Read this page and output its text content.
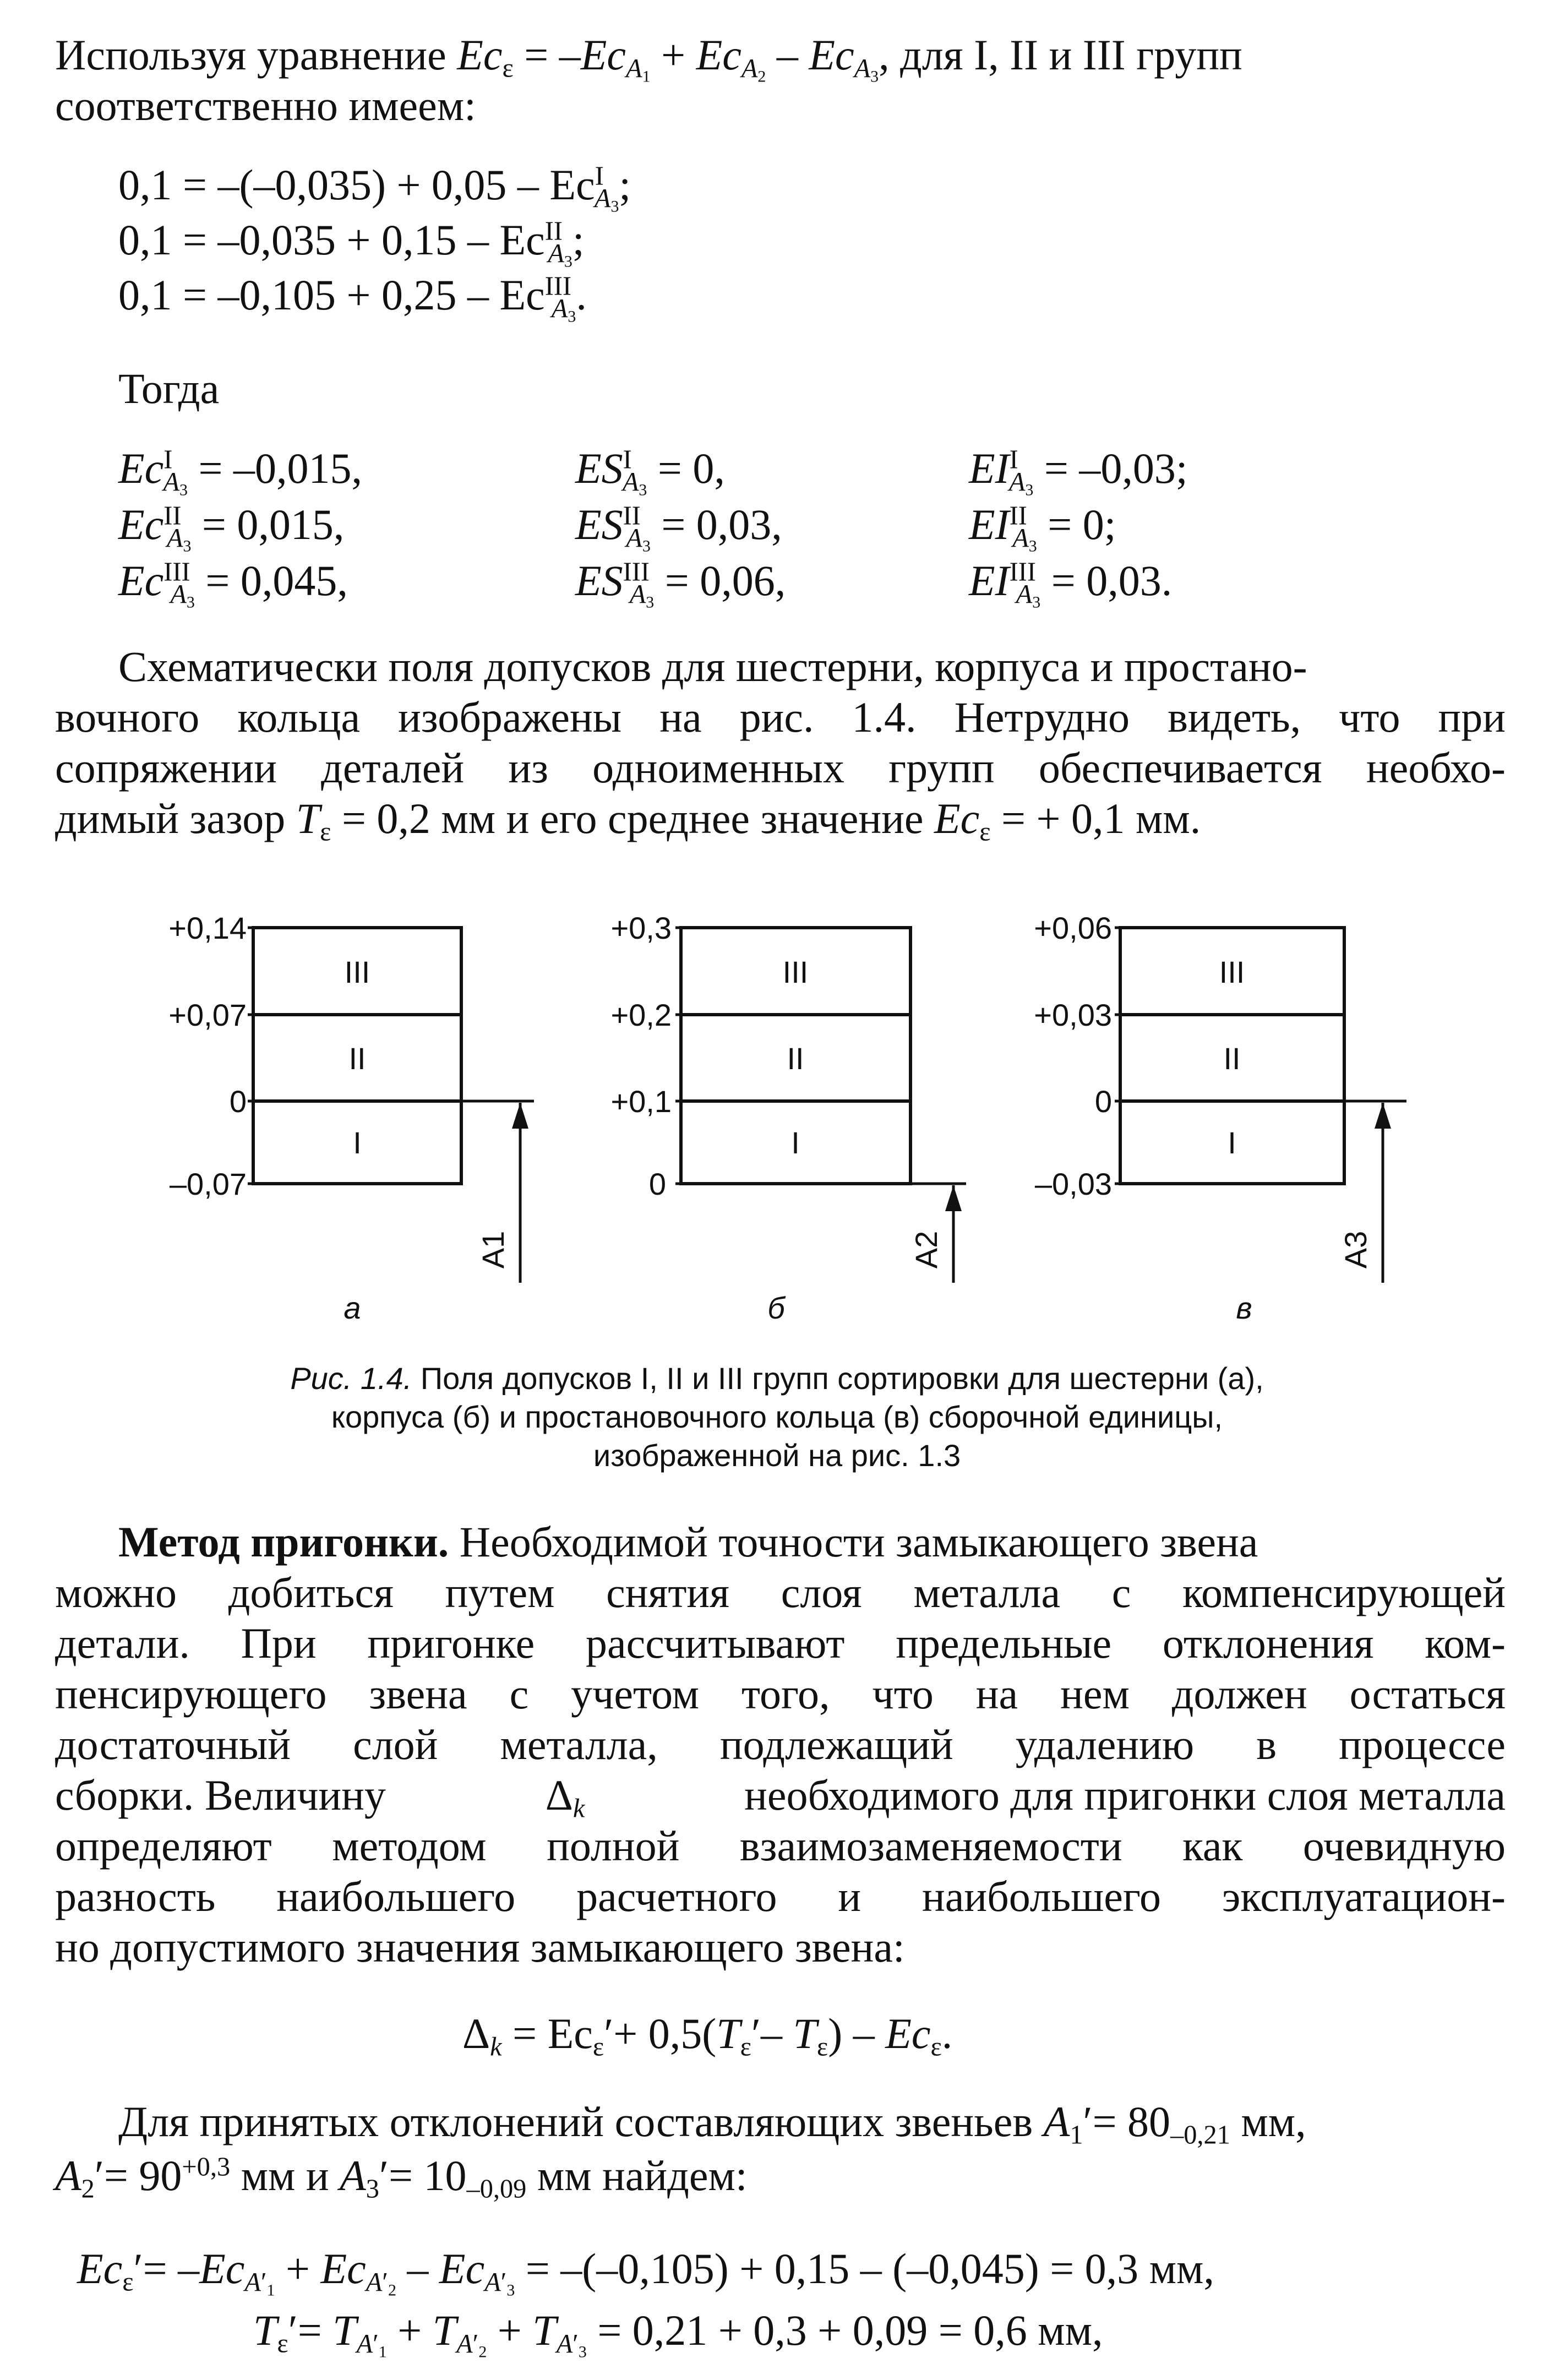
Используя уравнение $Ec_\varepsilon = -Ec_{A_1} + Ec_{A_2} - Ec_{A_3}$, для I, II и III групп
соответственно имеем:
$0,1 = -(-0,035) + 0,05 - Ec^I_{A_3}$;
$0,1 = -0,035 + 0,15 - Ec^{II}_{A_3}$;
$0,1 = -0,105 + 0,25 - Ec^{III}_{A_3}$.
Тогда
$Ec^I_{A_3} = -0,015$,
$Ec^{II}_{A_3} = 0,015$,
$Ec^{III}_{A_3} = 0,045$,
$ES^I_{A_3} = 0$,
$ES^{II}_{A_3} = 0,03$,
$ES^{III}_{A_3} = 0,06$,
$EI^I_{A_3} = -0,03$;
$EI^{II}_{A_3} = 0$;
$EI^{III}_{A_3} = 0,03$.
Схематически поля допусков для шестерни, корпуса и простано-
вочного кольца изображены на рис. 1.4. Нетрудно видеть, что при
сопряжении деталей из одноименных групп обеспечивается необхо-
димый зазор $T_\varepsilon = 0,2$ мм и его среднее значение $Ec_\varepsilon$ = + 0,1 мм.
+0,14
+0,07
0
–0,07
III
II
I
A1
а
+0,3
+0,2
+0,1
0
III
II
I
A2
б
+0,06
+0,03
0
–0,03
III
II
I
A3
в
Рис. 1.4. Поля допусков I, II и III групп сортировки для шестерни (а),
корпуса (б) и простановочного кольца (в) сборочной единицы,
изображенной на рис. 1.3
Метод пригонки. Необходимой точности замыкающего звена
можно добиться путем снятия слоя металла с компенсирующей
детали. При пригонке рассчитывают предельные отклонения ком-
пенсирующего звена с учетом того, что на нем должен остаться
достаточный слой металла, подлежащий удалению в процессе
сборки. Величину	$\Delta_k$	необходимого для пригонки слоя металла
определяют методом полной взаимозаменяемости как очевидную
разность наибольшего расчетного и наибольшего эксплуатацион-
но допустимого значения замыкающего звена:
$\Delta_k = Ec_\varepsilon'+ 0,5(T_\varepsilon'-$ $T_\varepsilon) - Ec_\varepsilon$.
Для принятых отклонений составляющих звеньев $A_1'= 80_{-0,21}$ мм,
$A_2'= 90^{+0,3}$ мм и $A_3'= 10_{-0,09}$ мм найдем:
$Ec_\varepsilon'= -Ec_{A'_1} + Ec_{A'_2} - Ec_{A'_3} = -(-0,105) + 0,15 - (-0,045) = 0,3$ мм,
$T_\varepsilon'= T_{A'_1} + T_{A'_2} + T_{A'_3} = 0,21 + 0,3 + 0,09 = 0,6$ мм,
